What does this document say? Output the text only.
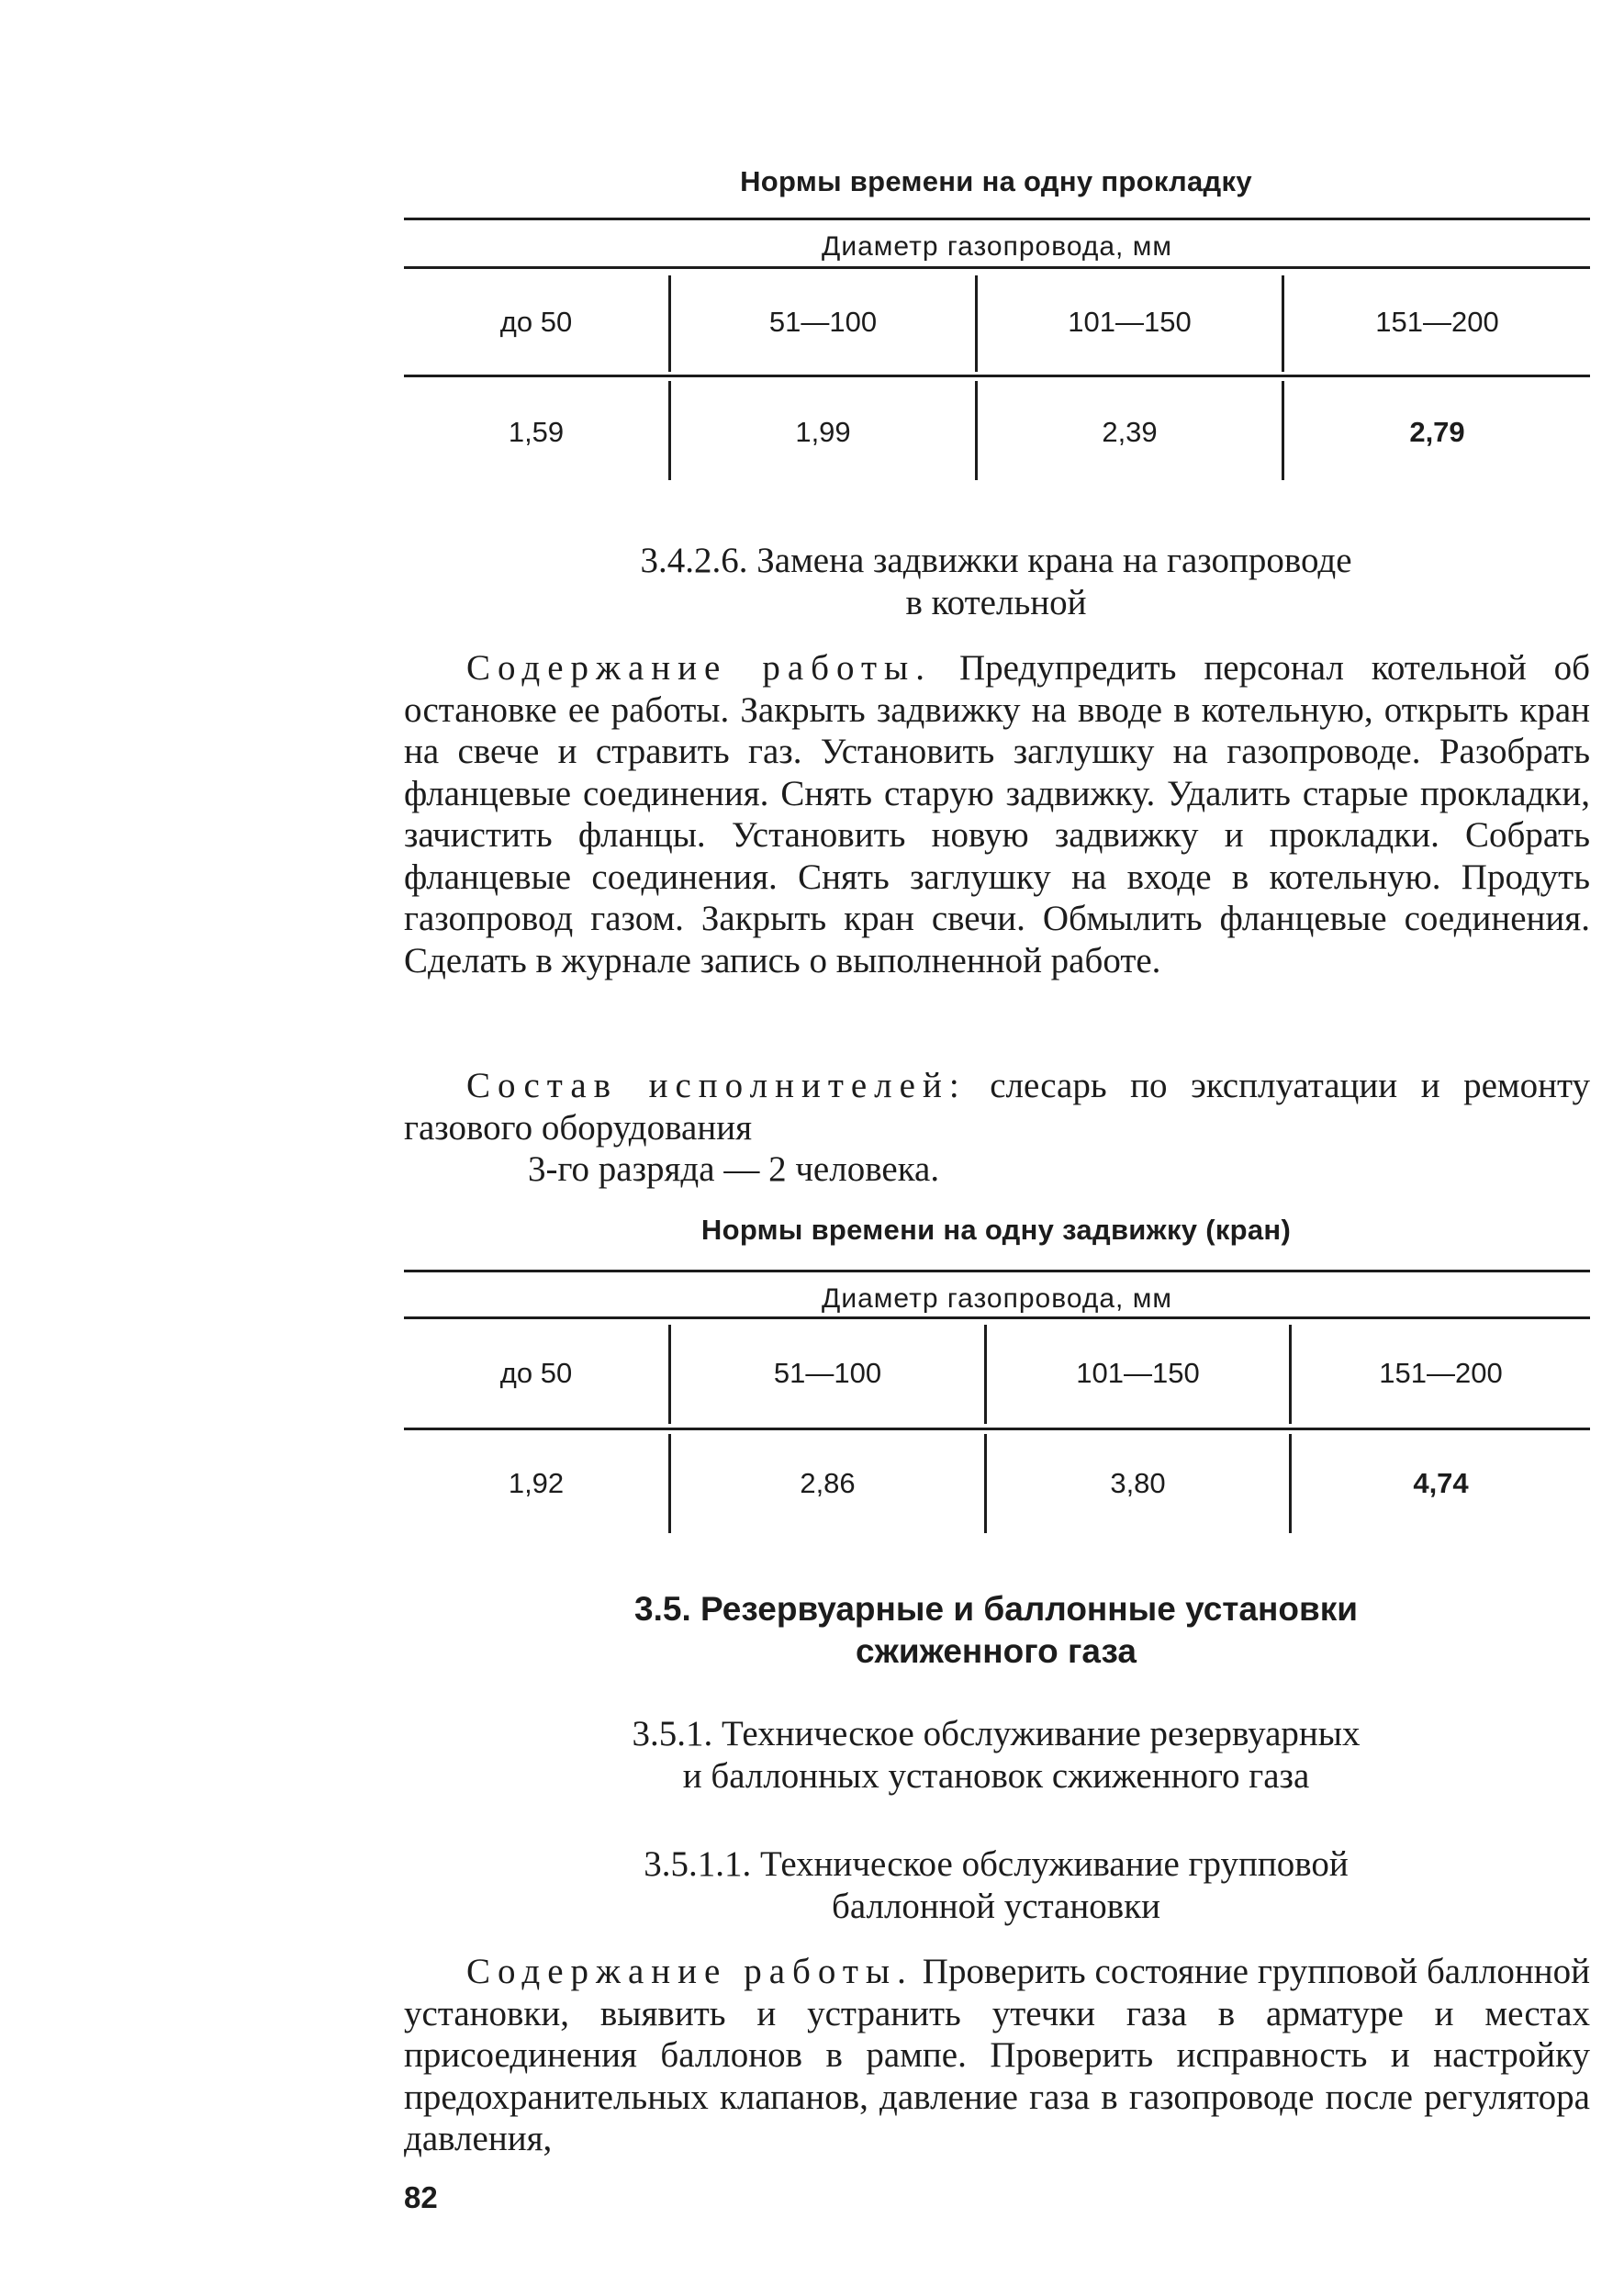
Нормы времени на одну прокладку
Диаметр газопровода, мм
до 50	51—100	101—150	151—200
1,59	1,99	2,39	2,79
3.4.2.6. Замена задвижки крана на газопроводе
в котельной
Содержание работы. Предупредить персонал котельной об остановке ее работы. Закрыть задвижку на вводе в котельную, открыть кран на свече и стравить газ. Установить заглушку на газопроводе. Разобрать фланцевые соединения. Снять старую задвижку. Удалить старые прокладки, зачистить фланцы. Установить новую задвижку и прокладки. Собрать фланцевые соединения. Снять заглушку на входе в котельную. Продуть газопровод газом. Закрыть кран свечи. Обмылить фланцевые соединения. Сделать в журнале запись о выполненной работе.
Состав исполнителей: слесарь по эксплуатации и ремонту газового оборудования
3-го разряда — 2 человека.
Нормы времени на одну задвижку (кран)
Диаметр газопровода, мм
до 50	51—100	101—150	151—200
1,92	2,86	3,80	4,74
3.5. Резервуарные и баллонные установки
сжиженного газа
3.5.1. Техническое обслуживание резервуарных
и баллонных установок сжиженного газа
3.5.1.1. Техническое обслуживание групповой
баллонной установки
Содержание работы. Проверить состояние групповой баллонной установки, выявить и устранить утечки газа в арматуре и местах присоединения баллонов в рампе. Проверить исправность и настройку предохранительных клапанов, давление газа в газопроводе после регулятора давления,
82
